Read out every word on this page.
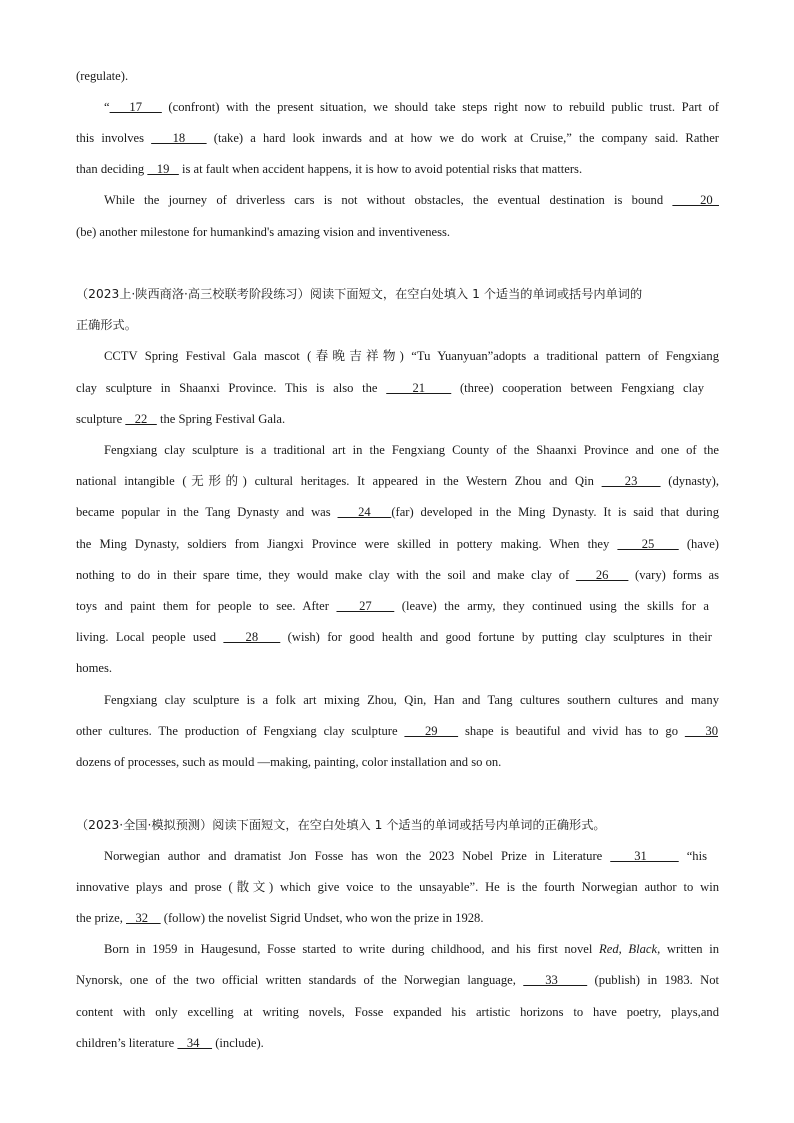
(regulate).
“   17    (confront) with the present situation, we should take steps right now to rebuild public trust. Part of
this involves    18    (take) a hard look inwards and at how we do work at Cruise,” the company said. Rather
than deciding    19    is at fault when accident happens, it is how to avoid potential risks that matters.
While the journey of driverless cars is not without obstacles, the eventual destination is bound    20
(be) another milestone for humankind's amazing vision and inventiveness.
（2023上·陕西商洛·高三校联考阶段练习）阅读下面短文，在空白处填入 1 个适当的单词或括号内单词的
正确形式。
CCTV Spring Festival Gala mascot (春晚吉祥物) “Tu Yuanyuan”adopts a traditional pattern of Fengxiang
clay sculpture in Shaanxi Province. This is also the    21    (three) cooperation between Fengxiang clay
sculpture    22    the Spring Festival Gala.
Fengxiang clay sculpture is a traditional art in the Fengxiang County of the Shaanxi Province and one of the
national intangible (无形的) cultural heritages. It appeared in the Western Zhou and Qin    23    (dynasty),
became popular in the Tang Dynasty and was    24   (far) developed in the Ming Dynasty. It is said that during
the Ming Dynasty, soldiers from Jiangxi Province were skilled in pottery making. When they    25    (have)
nothing to do in their spare time, they would make clay with the soil and make clay of    26    (vary) forms as
toys and paint them for people to see. After    27    (leave) the army, they continued using the skills for a
living. Local people used    28    (wish) for good health and good fortune by putting clay sculptures in their
homes.
Fengxiang clay sculpture is a folk art mixing Zhou, Qin, Han and Tang cultures southern cultures and many
other cultures. The production of Fengxiang clay sculpture    29    shape is beautiful and vivid has to go    30
dozens of processes, such as mould —making, painting, color installation and so on.
（2023·全国·模拟预测）阅读下面短文，在空白处填入 1 个适当的单词或括号内单词的正确形式。
Norwegian author and dramatist Jon Fosse has won the 2023 Nobel Prize in Literature    31     “his
innovative plays and prose (散文) which give voice to the unsayable”. He is the fourth Norwegian author to win
the prize,    32     (follow) the novelist Sigrid Undset, who won the prize in 1928.
Born in 1959 in Haugesund, Fosse started to write during childhood, and his first novel Red, Black, written in
Nynorsk, one of the two official written standards of the Norwegian language,    33     (publish) in 1983. Not
content with only excelling at writing novels, Fosse expanded his artistic horizons to have poetry, plays,and
children’s literature    34     (include).
